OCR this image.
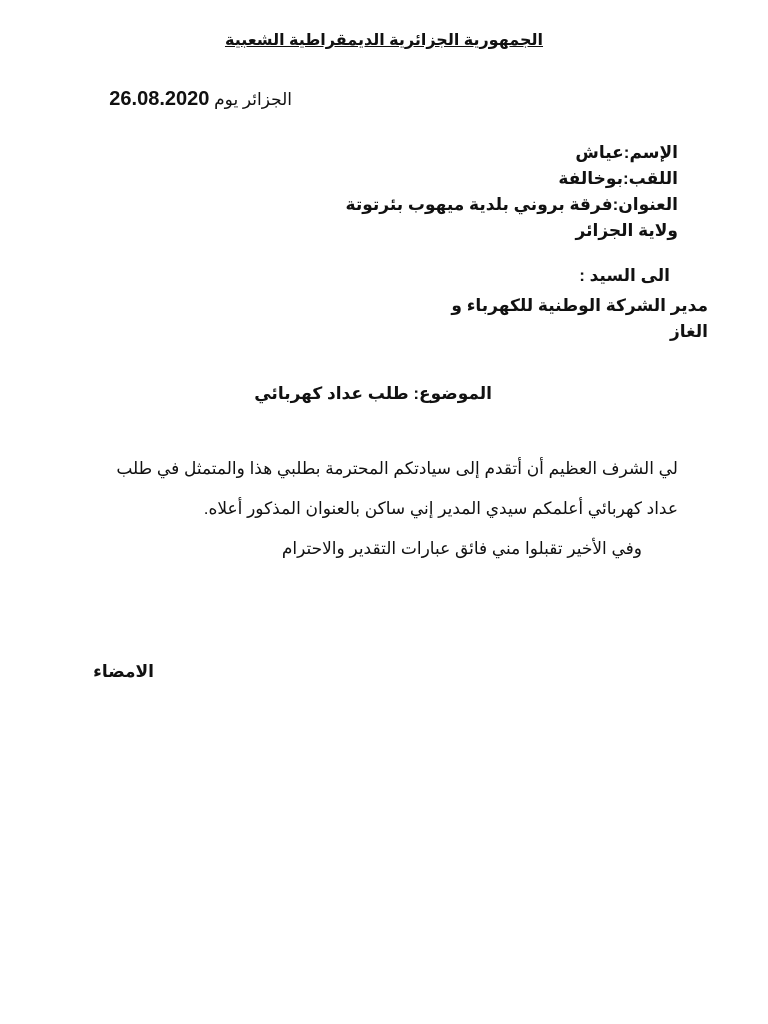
الجمهورية الجزائرية الديمقراطية الشعبية
الجزائر يوم 26.08.2020
الإسم:عياش
اللقب:بوخالفة
العنوان:فرقة بروني بلدية ميهوب بئرتوتة
ولاية الجزائر
الى السيد :
مدير الشركة الوطنية للكهرباء و
الغاز
الموضوع: طلب عداد كهربائي
لي الشرف العظيم أن أتقدم إلى سيادتكم المحترمة بطلبي هذا والمتمثل في طلب
عداد كهربائي أعلمكم سيدي المدير إني ساكن بالعنوان المذكور أعلاه.
وفي الأخير تقبلوا مني فائق عبارات التقدير والاحترام
الامضاء
